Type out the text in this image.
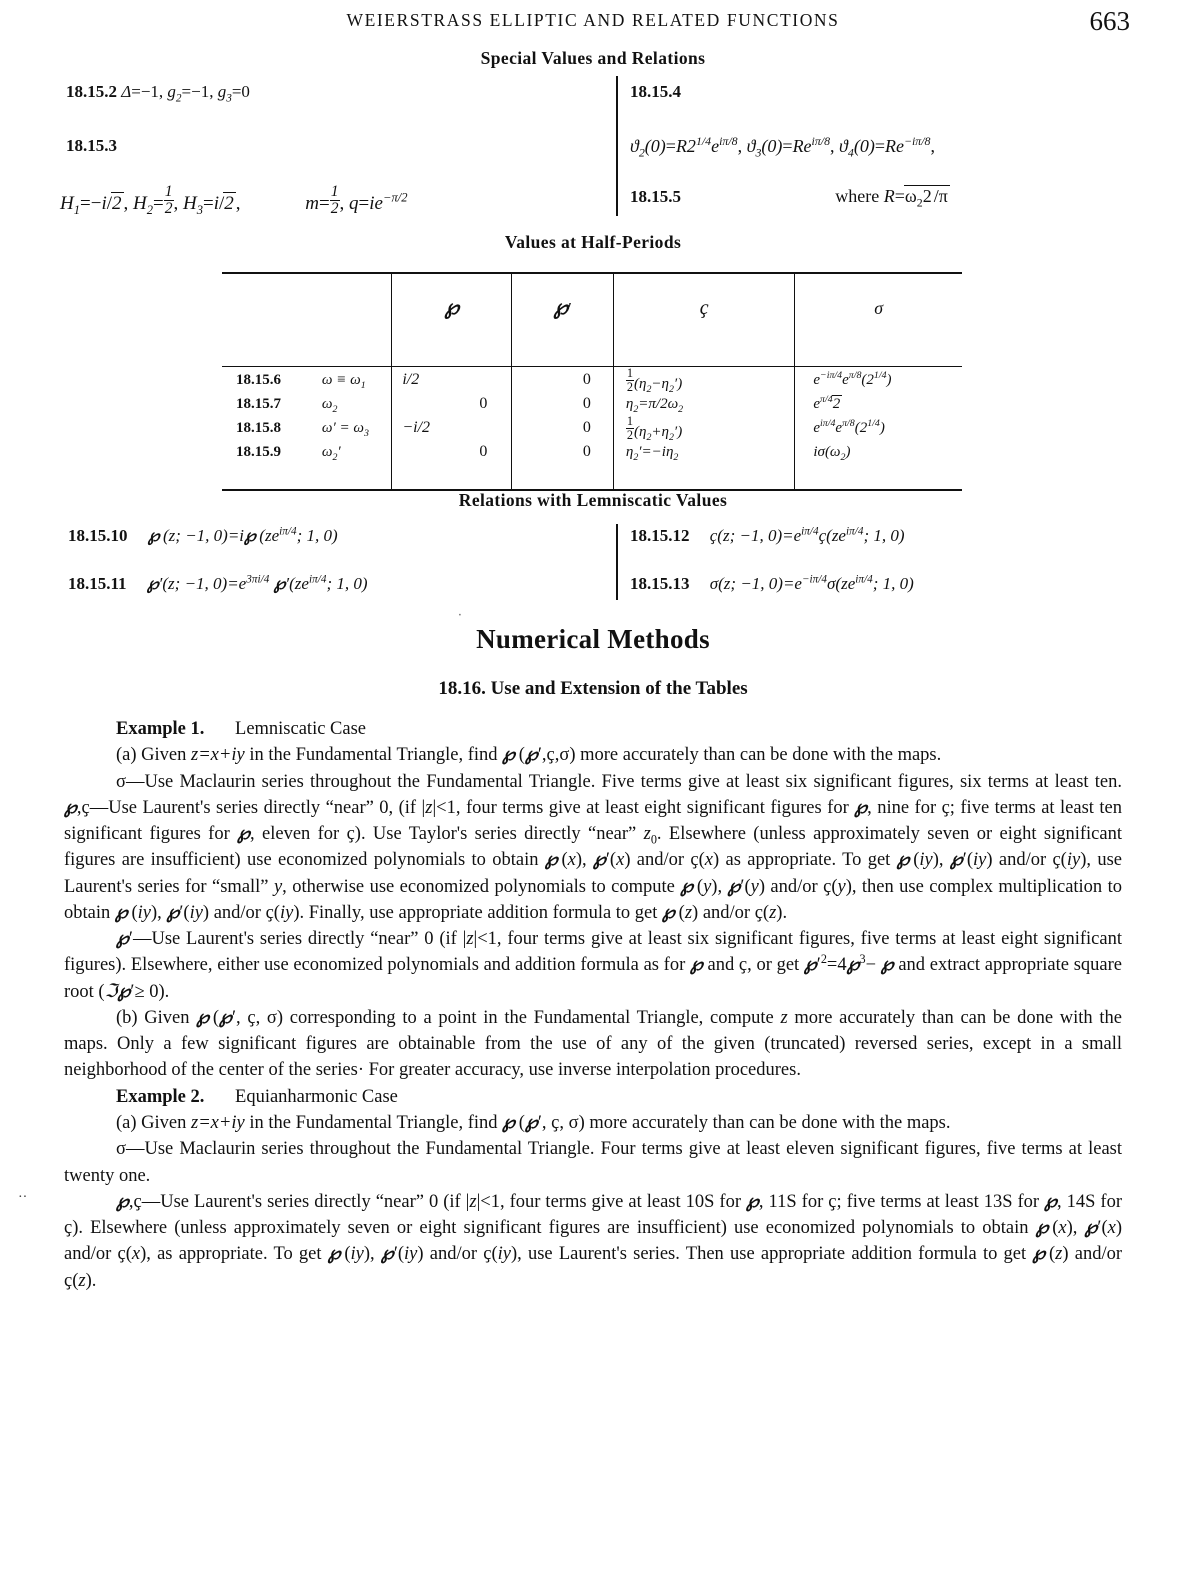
WEIERSTRASS ELLIPTIC AND RELATED FUNCTIONS	663
Special Values and Relations
18.15.2 Δ=−1, $g_2=-1$, $g_3=0$
18.15.3
$H_1=-i/2$ , $H_2= \frac{1}{2}$ , $H_3=i/2$ ,	$m= \frac{1}{2}$ , $q=ie^{-\pi/2}$
18.15.4
$ϑ_2(0)=R2^{1/4}e^{i\pi/8}$, $ϑ_3(0)=Re^{i\pi/8}$, $ϑ_4(0)=Re^{-i\pi/8}$,
18.15.5	where $R=\omega_22$ /π
Values at Half-Periods
		℘	℘′	ҫ	σ

18.15.6	$\omega \equiv \omega_1$	i/2	0	$\frac{1}{2} (\eta_2-\eta_2')$	$e^{-i\pi/4}e^{\pi/8}(2^{1/4})$
18.15.7	$\omega_2$	0	0	$\eta_2=\pi/2\omega_2$	$e^{\pi/4}2$
18.15.8	$\omega' = \omega_3$	−i/2	0	$\frac{1}{2} (\eta_2+\eta_2')$	$e^{i\pi/4}e^{\pi/8}(2^{1/4})$
18.15.9	$\omega_2'$	0	0	$\eta_2'=-i\eta_2$	$i\sigma(\omega_2)$

Relations with Lemniscatic Values
18.15.10 ℘ (z; −1, 0)=i℘ ($ze^{i\pi/4}$; 1, 0)
18.15.11 ℘′(z; −1, $0)=e^{3\pi i/4}$ $℘'(ze^{i\pi/4}$; 1, 0)
18.15.12 ҫ(z; −1, $0)=e^{i\pi/4}ҫ(ze^{i\pi/4}$; 1, 0)
18.15.13 σ(z; −1, $0)=e^{-i\pi/4}\sigma(ze^{i\pi/4}$; 1, 0)
‧
Numerical Methods
18.16. Use and Extension of the Tables

Example 1. Lemniscatic Case

(a) Given z=x+iy in the Fundamental Triangle, find ℘ (℘′,ҫ,σ) more accurately than can be done with the maps.

σ—Use Maclaurin series throughout the Fundamental Triangle. Five terms give at least six significant figures, six terms at least ten. ℘,ҫ—Use Laurent's series directly “near” 0, (if |z|<1, four terms give at least eight significant figures for ℘, nine for ҫ; five terms at least ten significant figures for ℘, eleven for ҫ). Use Taylor's series directly “near” $z_0$. Elsewhere (unless approximately seven or eight significant figures are insufficient) use economized polynomials to obtain ℘ (x), ℘′(x) and/or ҫ(x) as appropriate. To get ℘ (iy), ℘′(iy) and/or ҫ(iy), use Laurent's series for “small” y, otherwise use economized polynomials to compute ℘ (y), ℘′(y) and/or ҫ(y), then use complex multiplication to obtain ℘ (iy), ℘′(iy) and/or ҫ(iy). Finally, use appropriate addition formula to get ℘ (z) and/or ҫ(z).

℘′—Use Laurent's series directly “near” 0 (if |z|<1, four terms give at least six significant figures, five terms at least eight significant figures). Elsewhere, either use economized polynomials and addition formula as for ℘ and ҫ, or get $℘'^2=4℘^3-$ ℘ and extract appropriate square root (ℑ℘′≥ 0).

(b) Given ℘ (℘′, ҫ, σ) corresponding to a point in the Fundamental Triangle, compute z more accurately than can be done with the maps. Only a few significant figures are obtainable from the use of any of the given (truncated) reversed series, except in a small neighborhood of the center of the series· For greater accuracy, use inverse interpolation procedures.

Example 2. Equianharmonic Case

(a) Given z=x+iy in the Fundamental Triangle, find ℘ (℘′, ҫ, σ) more accurately than can be done with the maps.

σ—Use Maclaurin series throughout the Fundamental Triangle. Four terms give at least eleven significant figures, five terms at least twenty one.

℘,ҫ—Use Laurent's series directly “near” 0 (if |z|<1, four terms give at least 10S for ℘, 11S for ҫ; five terms at least 13S for ℘, 14S for ҫ). Elsewhere (unless approximately seven or eight significant figures are insufficient) use economized polynomials to obtain ℘ (x), ℘′(x) and/or ҫ(x), as appropriate. To get ℘ (iy), ℘′(iy) and/or ҫ(iy), use Laurent's series. Then use appropriate addition formula to get ℘ (z) and/or ҫ(z).

··
